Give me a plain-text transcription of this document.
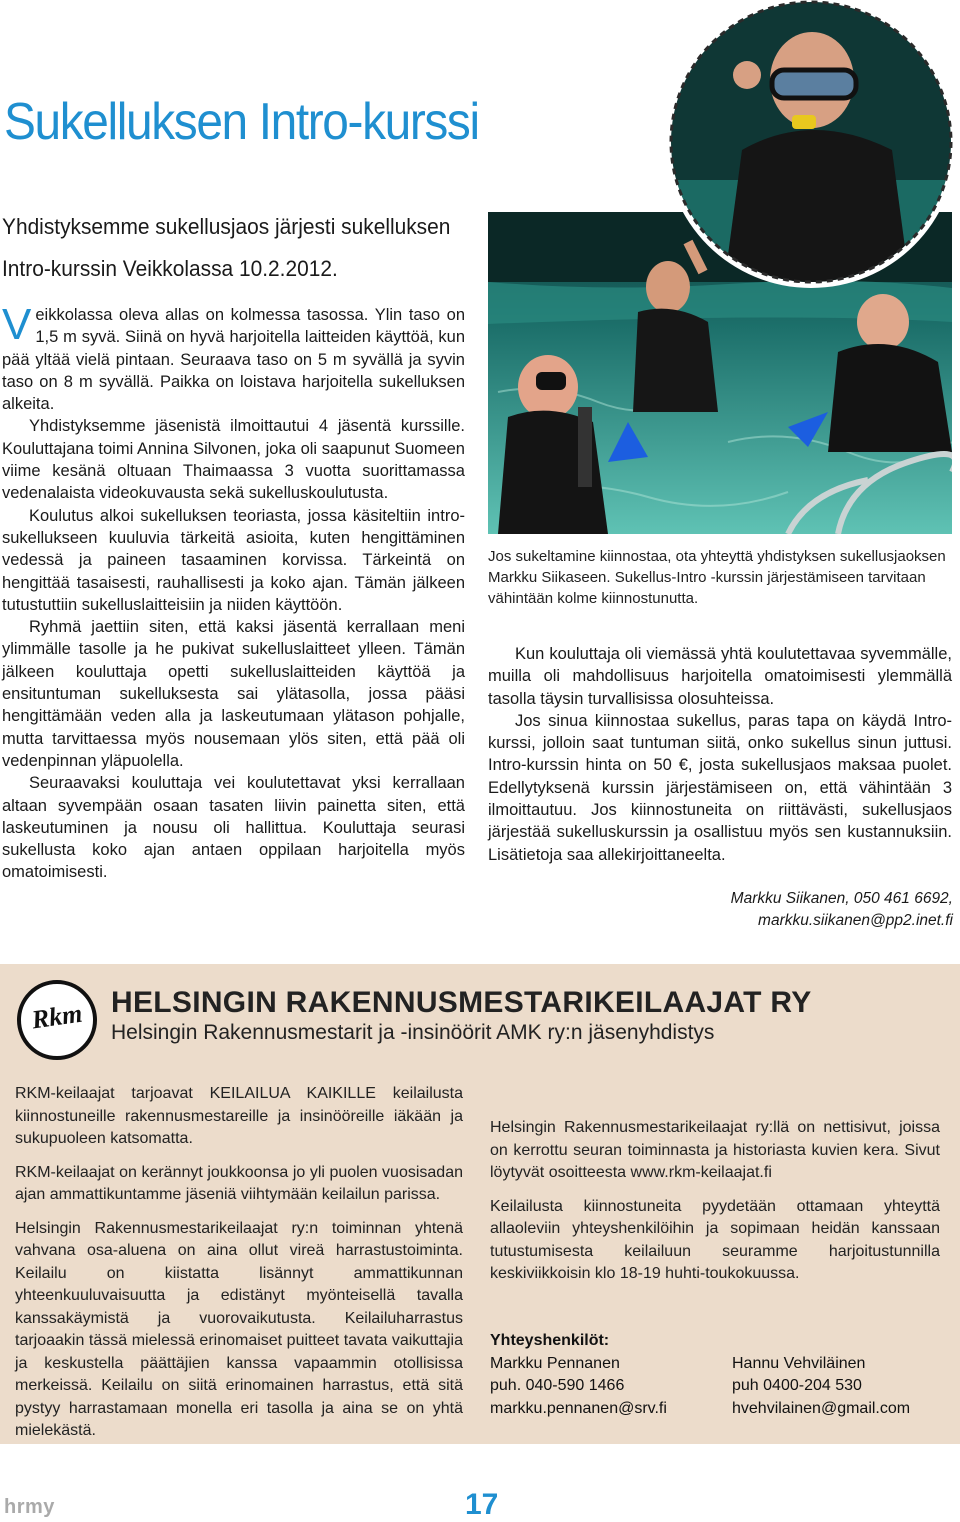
Sukelluksen Intro-kurssi
Yhdistyksemme sukellusjaos järjesti sukelluksen
Intro-kurssin Veikkolassa 10.2.2012.

Veikkolassa oleva allas on kolmessa tasossa. Ylin taso on 1,5 m syvä. Siinä on hyvä harjoitella laitteiden käyttöä, kun pää yltää vielä pintaan. Seuraava taso on 5 m syvällä ja syvin taso on 8 m syvällä. Paikka on loistava harjoitella sukelluksen alkeita.

Yhdistyksemme jäsenistä ilmoittautui 4 jäsentä kurssille. Kouluttajana toimi Annina Silvonen, joka oli saapunut Suomeen viime kesänä oltuaan Thaimaassa 3 vuotta suorittamassa vedenalaista videokuvausta sekä sukelluskoulutusta.

Koulutus alkoi sukelluksen teoriasta, jossa käsiteltiin intro-sukellukseen kuuluvia tärkeitä asioita, kuten hengittäminen vedessä ja paineen tasaaminen korvissa. Tärkeintä on hengittää tasaisesti, rauhallisesti ja koko ajan. Tämän jälkeen tutustuttiin sukelluslaitteisiin ja niiden käyttöön.

Ryhmä jaettiin siten, että kaksi jäsentä kerrallaan meni ylimmälle tasolle ja he pukivat sukelluslaitteet ylleen. Tämän jälkeen kouluttaja opetti sukelluslaitteiden käyttöä ja ensituntuman sukelluksesta sai ylätasolla, jossa pääsi hengittämään veden alla ja laskeutumaan ylätason pohjalle, mutta tarvittaessa myös nousemaan ylös siten, että pää oli vedenpinnan yläpuolella.

Seuraavaksi kouluttaja vei koulutettavat yksi kerrallaan altaan syvempään osaan tasaten liivin painetta siten, että laskeutuminen ja nousu oli hallittua. Kouluttaja seurasi sukellusta koko ajan antaen oppilaan harjoitella myös omatoimisesti.

Jos sukeltamine kiinnostaa, ota yhteyttä yhdistyksen sukellusjaoksen Markku Siikaseen. Sukellus-Intro -kurssin järjestämiseen tarvitaan vähintään kolme kiinnostunutta.

Kun kouluttaja oli viemässä yhtä koulutettavaa syvemmälle, muilla oli mahdollisuus harjoitella omatoimisesti ylemmällä tasolla täysin turvallisissa olosuhteissa.

Jos sinua kiinnostaa sukellus, paras tapa on käydä Intro-kurssi, jolloin saat tuntuman siitä, onko sukellus sinun juttusi. Intro-kurssin hinta on 50 €, josta sukellusjaos maksaa puolet. Edellytyksenä kurssin järjestämiseen on, että vähintään 3 ilmoittautuu. Jos kiinnostuneita on riittävästi, sukellusjaos järjestää sukelluskurssin ja osallistuu myös sen kustannuksiin. Lisätietoja saa allekirjoittaneelta.

Markku Siikanen, 050 461 6692,
markku.siikanen@pp2.inet.fi
Rkm HELSINGIN RAKENNUSMESTARIKEILAAJAT RY
Helsingin Rakennusmestarit ja -insinöörit AMK ry:n jäsenyhdistys

RKM-keilaajat tarjoavat KEILAILUA KAIKILLE keilailusta kiinnostuneille rakennusmestareille ja insinööreille iäkään ja sukupuoleen katsomatta.

RKM-keilaajat on kerännyt joukkoonsa jo yli puolen vuosisadan ajan ammattikuntamme jäseniä viihtymään keilailun parissa.

Helsingin Rakennusmestarikeilaajat ry:n toiminnan yhtenä vahvana osa-aluena on aina ollut vireä harrastustoiminta. Keilailu on kiistatta lisännyt ammattikunnan yhteenkuuluvaisuutta ja edistänyt myönteisellä tavalla kanssakäymistä ja vuorovaikutusta. Keilailuharrastus tarjoaakin tässä mielessä erinomaiset puitteet tavata vaikuttajia ja keskustella päättäjien kanssa vapaammin otollisissa merkeissä. Keilailu on siitä erinomainen harrastus, että sitä pystyy harrastamaan monella eri tasolla ja aina se on yhtä mielekästä.

Helsingin Rakennusmestarikeilaajat ry:llä on nettisivut, joissa on kerrottu seuran toiminnasta ja historiasta kuvien kera. Sivut löytyvät osoitteesta www.rkm-keilaajat.fi

Keilailusta kiinnostuneita pyydetään ottamaan yhteyttä allaoleviin yhteyshenkilöihin ja sopimaan heidän kanssaan tutustumisesta keilailuun seuramme harjoitustunnilla keskiviikkoisin klo 18-19 huhti-toukokuussa.

Yhteyshenkilöt:
Markku Pennanen
puh. 040-590 1466
markku.pennanen@srv.fi
Hannu Vehviläinen
puh 0400-204 530
hvehvilainen@gmail.com
hrmy	17
